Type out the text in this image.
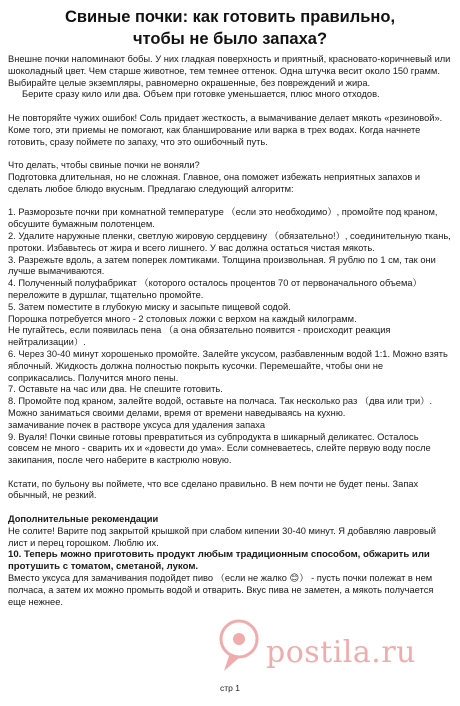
Свиные почки: как готовить правильно,
чтобы не было запаха?

Внешне почки напоминают бобы. У них гладкая поверхность и приятный, красновато-коричневый или шоколадный цвет. Чем старше животное, тем темнее оттенок. Одна штучка весит около 150 грамм. Выбирайте целые экземпляры, равномерно окрашенные, без повреждений и жира.

Берите сразу кило или два. Объем при готовке уменьшается, плюс много отходов.

Не повторяйте чужих ошибок! Соль придает жесткость, а вымачивание делает мякоть «резиновой». Коме того, эти приемы не помогают, как бланширование или варка в трех водах. Когда начнете готовить, сразу поймете по запаху, что это ошибочный путь.

Что делать, чтобы свиные почки не воняли?

Подготовка длительная, но не сложная. Главное, она поможет избежать неприятных запахов и сделать любое блюдо вкусным. Предлагаю следующий алгоритм:

1. Разморозьте почки при комнатной температуре （если это необходимо）, промойте под краном, обсушите бумажным полотенцем.

2. Удалите наружные пленки, светлую жировую сердцевину （обязательно!）, соединительную ткань, протоки. Избавьтесь от жира и всего лишнего. У вас должна остаться чистая мякоть.

3. Разрежьте вдоль, а затем поперек ломтиками. Толщина произвольная. Я рублю по 1 см, так они лучше вымачиваются.

4. Полученный полуфабрикат （которого осталось процентов 70 от первоначального объема） переложите в дуршлаг, тщательно промойте.

5. Затем поместите в глубокую миску и засыпьте пищевой содой.

Порошка потребуется много - 2 столовых ложки с верхом на каждый килограмм.

Не пугайтесь, если появилась пена （а она обязательно появится - происходит реакция нейтрализации）.

6. Через 30-40 минут хорошенько промойте. Залейте уксусом, разбавленным водой 1:1. Можно взять яблочный. Жидкость должна полностью покрыть кусочки. Перемешайте, чтобы они не соприкасались. Получится много пены.

7. Оставьте на час или два. Не спешите готовить.

8. Промойте под краном, залейте водой, оставьте на полчаса. Так несколько раз （два или три）. Можно заниматься своими делами, время от времени наведываясь на кухню.

замачивание почек в растворе уксуса для удаления запаха

9. Вуаля! Почки свиные готовы превратиться из субпродукта в шикарный деликатес. Осталось совсем не много - сварить их и «довести до ума». Если сомневаетесь, слейте первую воду после закипания, после чего наберите в кастрюлю новую.

Кстати, по бульону вы поймете, что все сделано правильно. В нем почти не будет пены. Запах обычный, не резкий.

Дополнительные рекомендации

Не солите! Варите под закрытой крышкой при слабом кипении 30-40 минут. Я добавляю лавровый лист и перец горошком. Люблю их.

10. Теперь можно приготовить продукт любым традиционным способом, обжарить или протушить с томатом, сметаной, луком.

Вместо уксуса для замачивания подойдет пиво （если не жалко 😊） - пусть почки полежат в нем полчаса, а затем их можно промыть водой и отварить. Вкус пива не заметен, а мякоть получается еще нежнее.

postila.ru
стр 1
